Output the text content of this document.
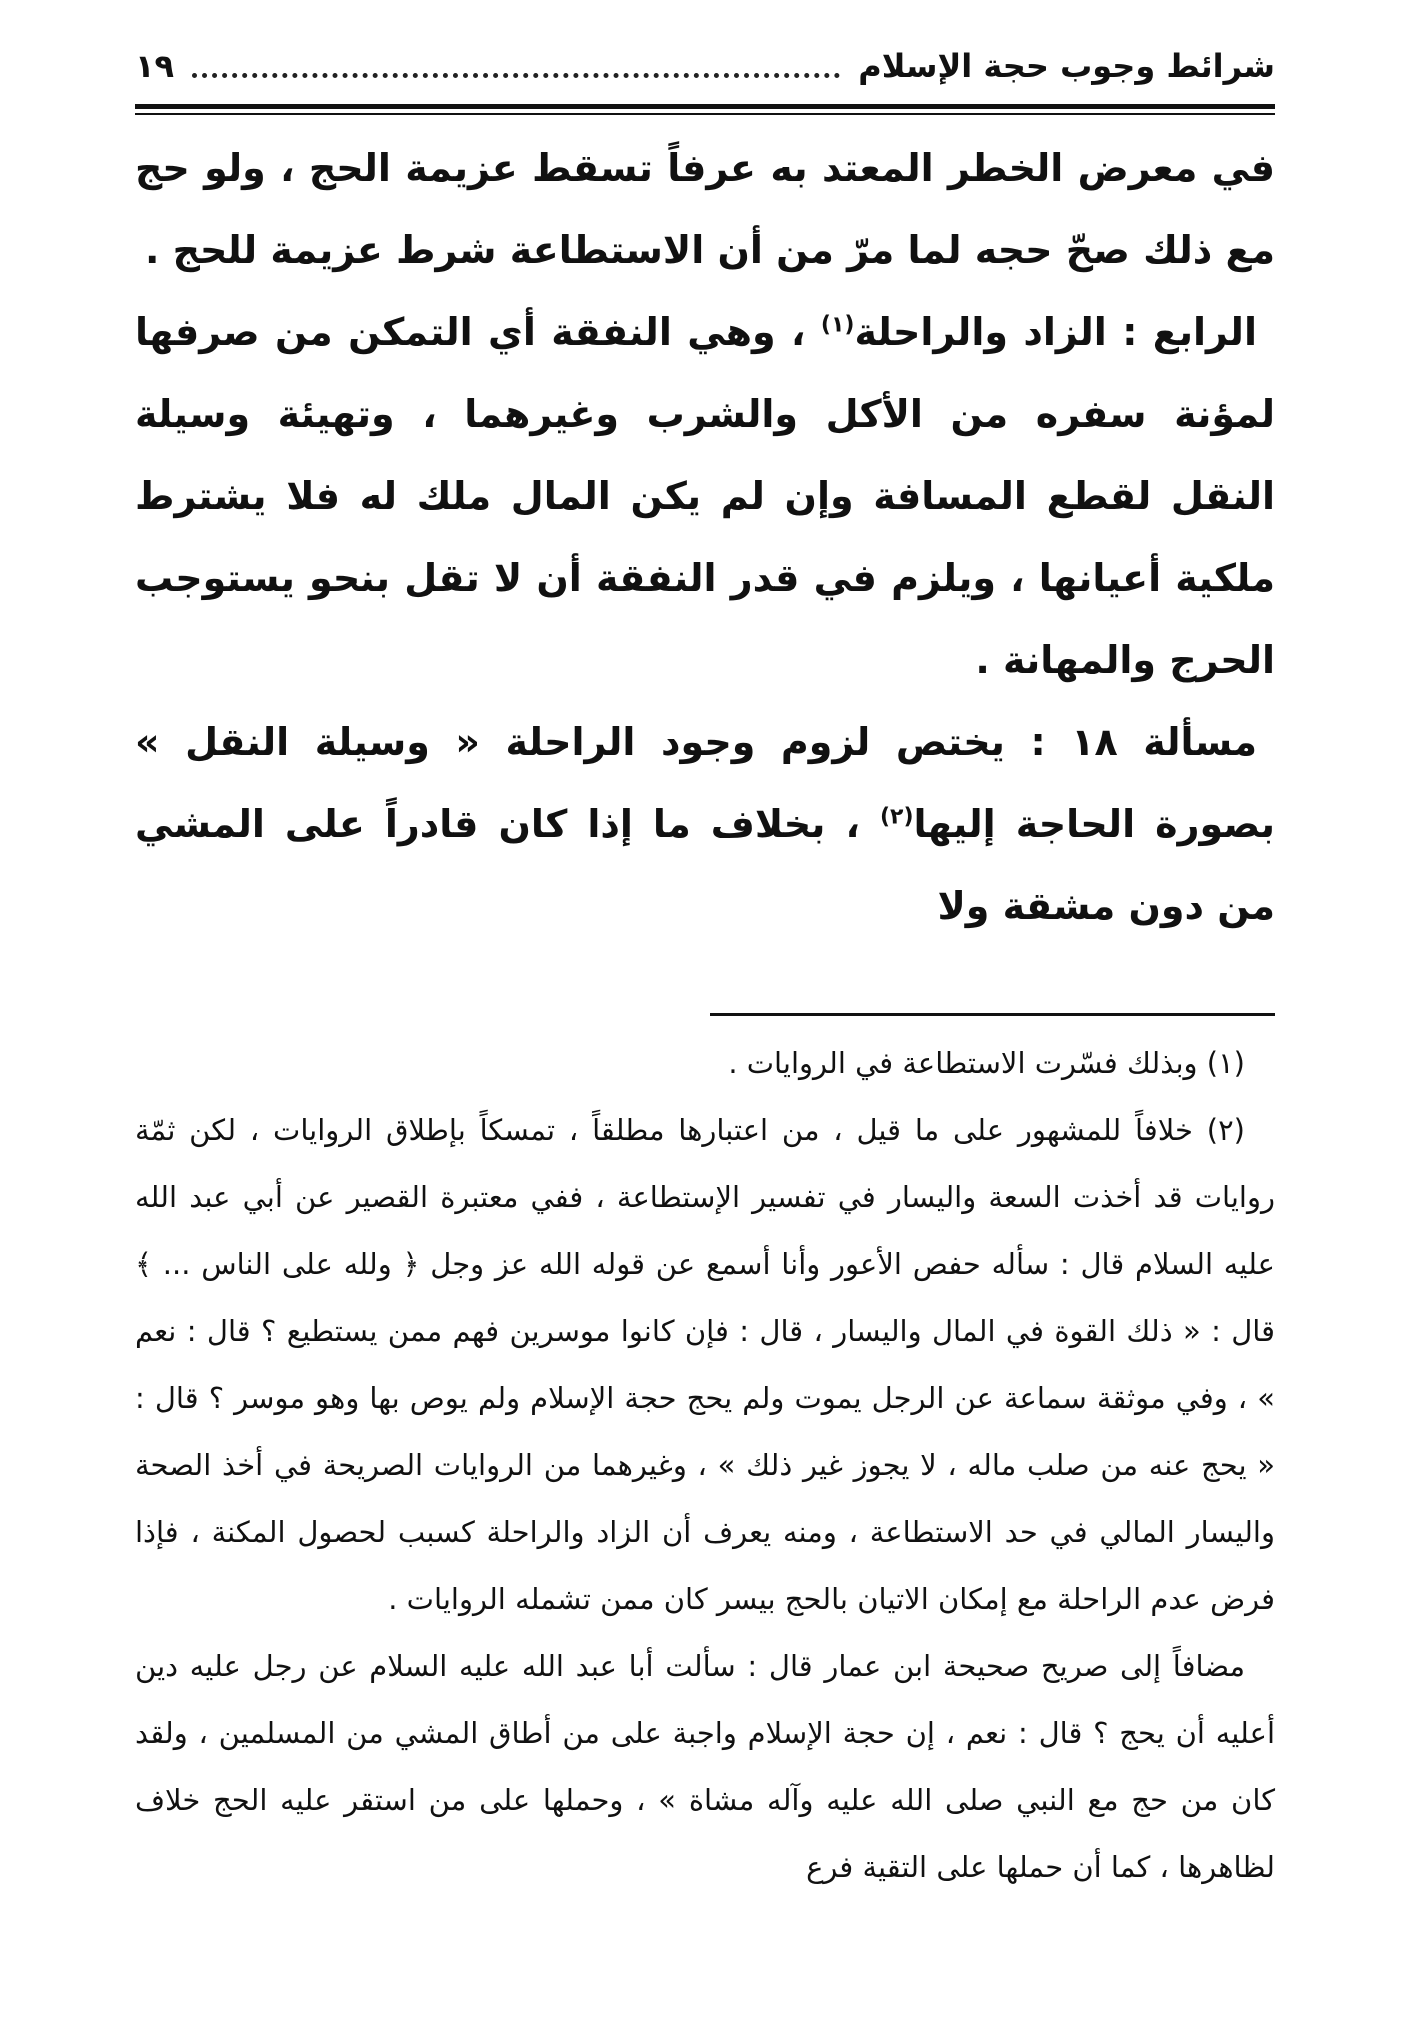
شرائط وجوب حجة الإسلام
١٩

في معرض الخطر المعتد به عرفاً تسقط عزيمة الحج ، ولو حج مع ذلك صحّ حجه لما مرّ من أن الاستطاعة شرط عزيمة للحج .

الرابع : الزاد والراحلة$^{(١)}$ ، وهي النفقة أي التمكن من صرفها لمؤنة سفره من الأكل والشرب وغيرهما ، وتهيئة وسيلة النقل لقطع المسافة وإن لم يكن المال ملك له فلا يشترط ملكية أعيانها ، ويلزم في قدر النفقة أن لا تقل بنحو يستوجب الحرج والمهانة .

مسألة ١٨ : يختص لزوم وجود الراحلة « وسيلة النقل » بصورة الحاجة إليها$^{(٢)}$ ، بخلاف ما إذا كان قادراً على المشي من دون مشقة ولا

(١) وبذلك فسّرت الاستطاعة في الروايات .

(٢) خلافاً للمشهور على ما قيل ، من اعتبارها مطلقاً ، تمسكاً بإطلاق الروايات ، لكن ثمّة روايات قد أخذت السعة واليسار في تفسير الإستطاعة ، ففي معتبرة القصير عن أبي عبد الله عليه السلام قال : سأله حفص الأعور وأنا أسمع عن قوله الله عز وجل ﴿ ولله على الناس ... ﴾ قال : « ذلك القوة في المال واليسار ، قال : فإن كانوا موسرين فهم ممن يستطيع ؟ قال : نعم » ، وفي موثقة سماعة عن الرجل يموت ولم يحج حجة الإسلام ولم يوص بها وهو موسر ؟ قال : « يحج عنه من صلب ماله ، لا يجوز غير ذلك » ، وغيرهما من الروايات الصريحة في أخذ الصحة واليسار المالي في حد الاستطاعة ، ومنه يعرف أن الزاد والراحلة كسبب لحصول المكنة ، فإذا فرض عدم الراحلة مع إمكان الاتيان بالحج بيسر كان ممن تشمله الروايات .

مضافاً إلى صريح صحيحة ابن عمار قال : سألت أبا عبد الله عليه السلام عن رجل عليه دين أعليه أن يحج ؟ قال : نعم ، إن حجة الإسلام واجبة على من أطاق المشي من المسلمين ، ولقد كان من حج مع النبي صلى الله عليه وآله مشاة » ، وحملها على من استقر عليه الحج خلاف لظاهرها ، كما أن حملها على التقية فرع
